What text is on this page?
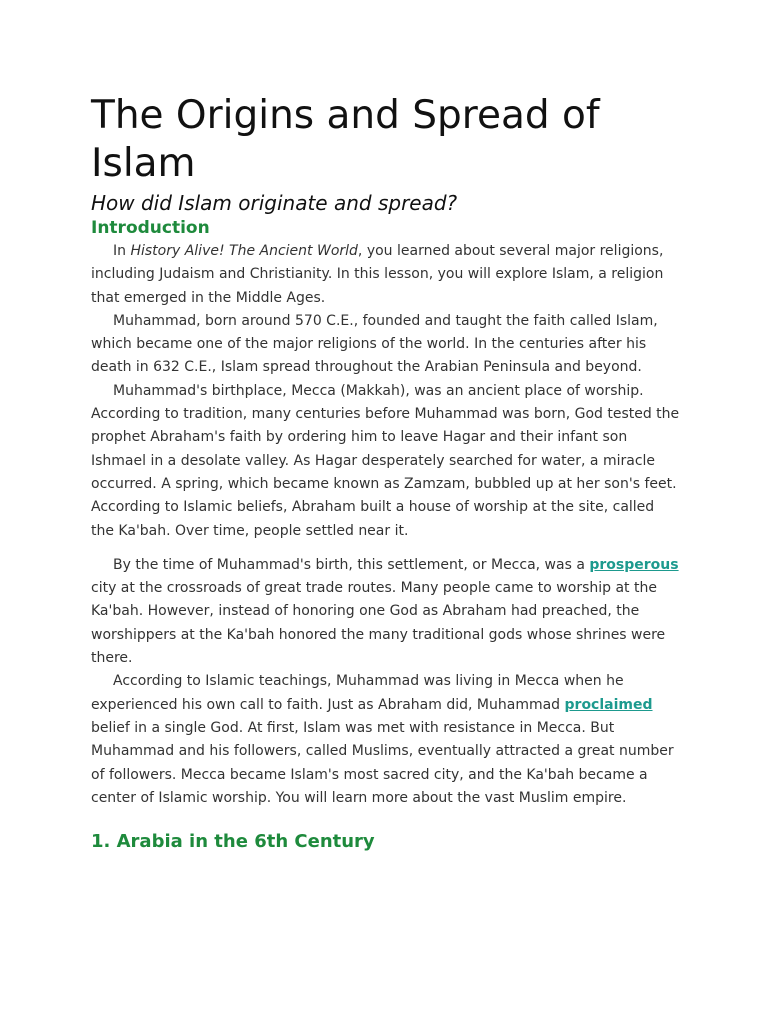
The Origins and Spread of Islam
How did Islam originate and spread?
Introduction

In History Alive! The Ancient World, you learned about several major religions, including Judaism and Christianity. In this lesson, you will explore Islam, a religion that emerged in the Middle Ages.

Muhammad, born around 570 C.E., founded and taught the faith called Islam, which became one of the major religions of the world. In the centuries after his death in 632 C.E., Islam spread throughout the Arabian Peninsula and beyond.

Muhammad's birthplace, Mecca (Makkah), was an ancient place of worship. According to tradition, many centuries before Muhammad was born, God tested the prophet Abraham's faith by ordering him to leave Hagar and their infant son Ishmael in a desolate valley. As Hagar desperately searched for water, a miracle occurred. A spring, which became known as Zamzam, bubbled up at her son's feet. According to Islamic beliefs, Abraham built a house of worship at the site, called the Ka'bah. Over time, people settled near it.

By the time of Muhammad's birth, this settlement, or Mecca, was a prosperous city at the crossroads of great trade routes. Many people came to worship at the Ka'bah. However, instead of honoring one God as Abraham had preached, the worshippers at the Ka'bah honored the many traditional gods whose shrines were there.

According to Islamic teachings, Muhammad was living in Mecca when he experienced his own call to faith. Just as Abraham did, Muhammad proclaimed belief in a single God. At first, Islam was met with resistance in Mecca. But Muhammad and his followers, called Muslims, eventually attracted a great number of followers. Mecca became Islam's most sacred city, and the Ka'bah became a center of Islamic worship. You will learn more about the vast Muslim empire.

1. Arabia in the 6th Century
